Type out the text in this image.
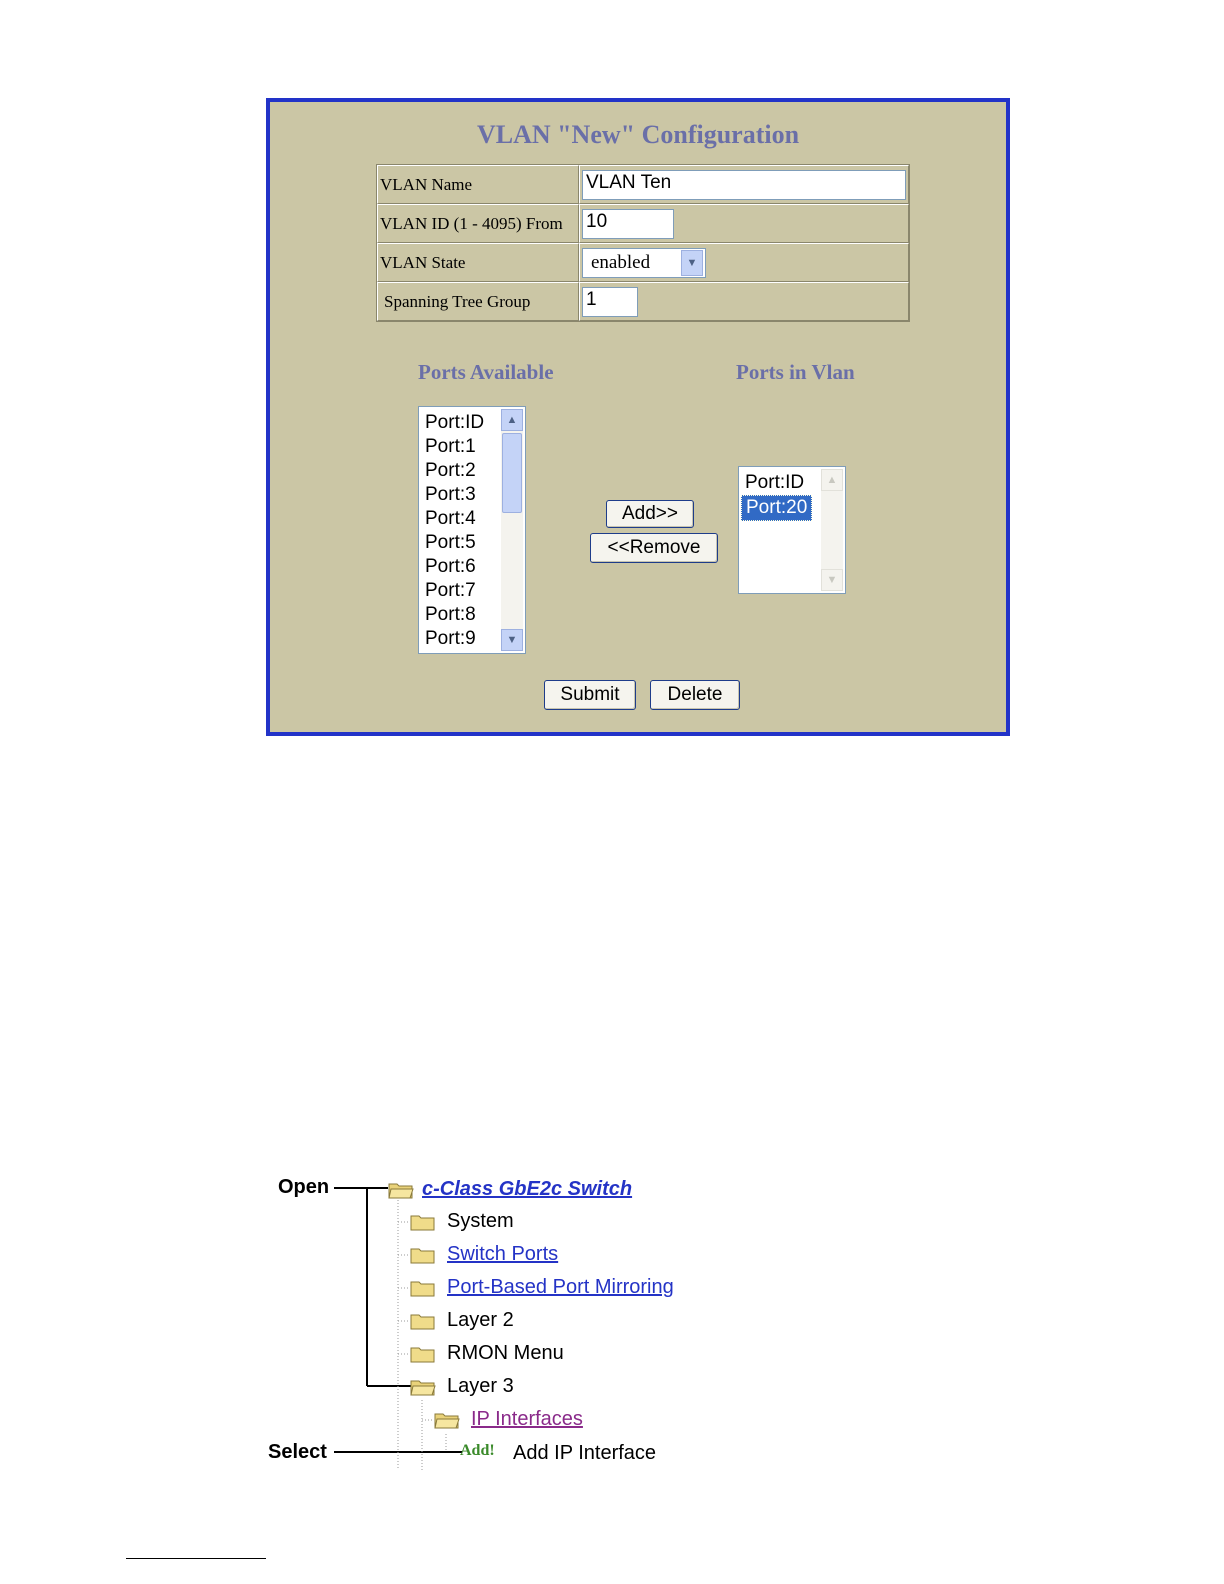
VLAN "New" Configuration
VLAN Name	VLAN Ten

VLAN ID (1 - 4095) From	10

VLAN State	enabled ▼

Spanning Tree Group	1
Ports Available	Ports in Vlan
Port:ID
Port:1
Port:2
Port:3
Port:4
Port:5
Port:6
Port:7
Port:8
Port:9
▲
▼
Add>>
<<Remove
Port:ID
Port:20
▲
▼
Submit	Delete
Open
Select
c-Class GbE2c Switch
System
Switch Ports
Port-Based Port Mirroring
Layer 2
RMON Menu
Layer 3
IP Interfaces
Add! Add IP Interface
